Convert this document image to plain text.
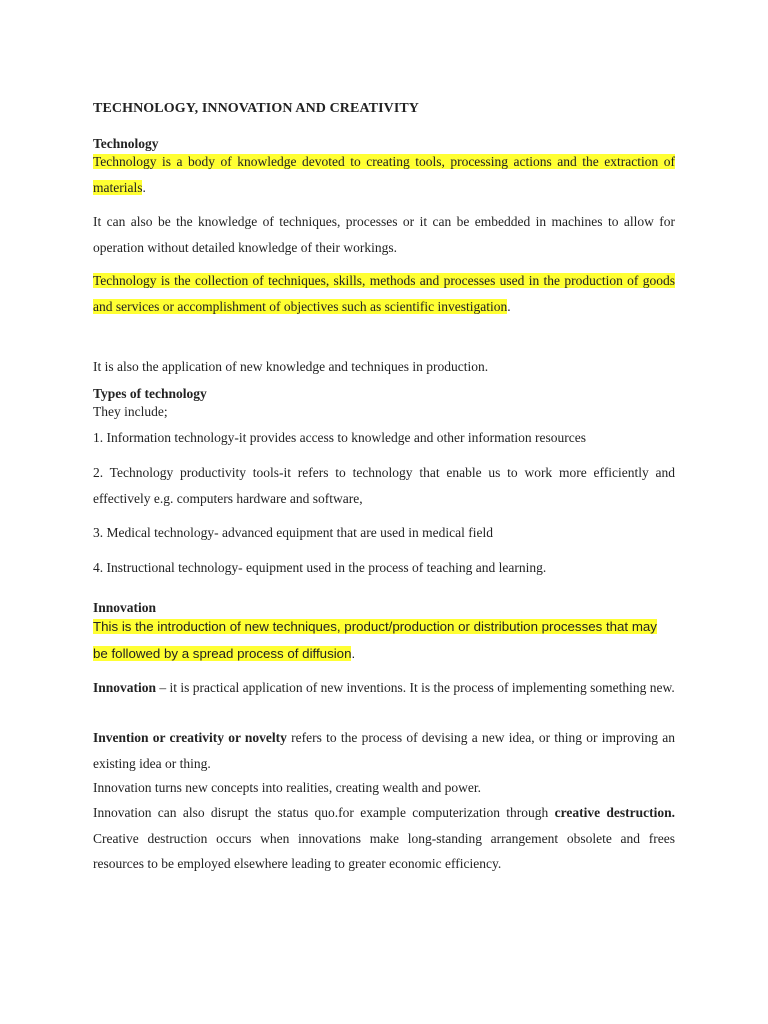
TECHNOLOGY, INNOVATION AND CREATIVITY
Technology
Technology is a body of knowledge devoted to creating tools, processing actions and the extraction of materials.
It can also be the knowledge of techniques, processes or it can be embedded in machines to allow for operation without detailed knowledge of their workings.
Technology is the collection of techniques, skills, methods and processes used in the production of goods and services or accomplishment of objectives such as scientific investigation.
It is also the application of new knowledge and techniques in production.
Types of technology
They include;
1. Information technology-it provides access to knowledge and other information resources
2. Technology productivity tools-it refers to technology that enable us to work more efficiently and effectively e.g. computers hardware and software,
3. Medical technology- advanced equipment that are used in medical field
4. Instructional technology- equipment used in the process of teaching and learning.
Innovation
This is the introduction of new techniques, product/production or distribution processes that may be followed by a spread process of diffusion.
Innovation – it is practical application of new inventions. It is the process of implementing something new.
Invention or creativity or novelty refers to the process of devising a new idea, or thing or improving an existing idea or thing.
Innovation turns new concepts into realities, creating wealth and power.
Innovation can also disrupt the status quo.for example computerization through creative destruction. Creative destruction occurs when innovations make long-standing arrangement obsolete and frees resources to be employed elsewhere leading to greater economic efficiency.
